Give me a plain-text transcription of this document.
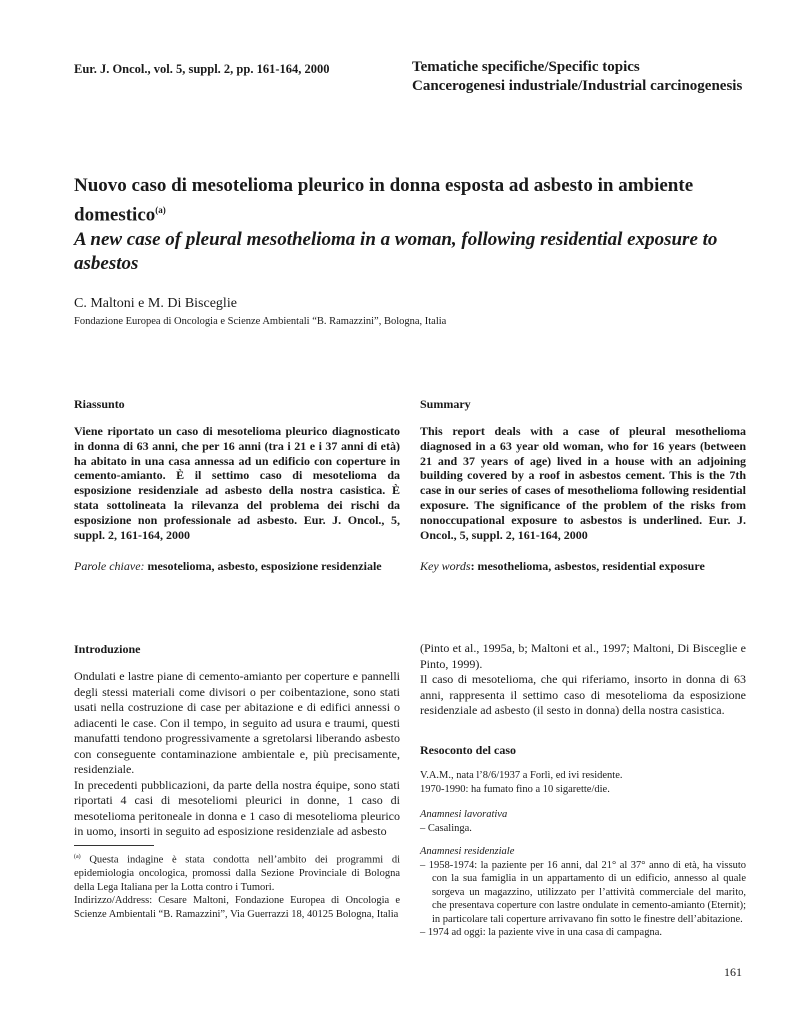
Eur. J. Oncol., vol. 5, suppl. 2, pp. 161-164, 2000	Tematiche specifiche/Specific topics
Cancerogenesi industriale/Industrial carcinogenesis
Nuovo caso di mesotelioma pleurico in donna esposta ad asbesto in ambiente domestico$^{(a)}$
A new case of pleural mesothelioma in a woman, following residential exposure to asbestos
C. Maltoni e M. Di Bisceglie
Fondazione Europea di Oncologia e Scienze Ambientali “B. Ramazzini”, Bologna, Italia
Riassunto
Viene riportato un caso di mesotelioma pleurico diagnosticato in donna di 63 anni, che per 16 anni (tra i 21 e i 37 anni di età) ha abitato in una casa annessa ad un edificio con coperture in cemento-amianto. È il settimo caso di mesotelioma da esposizione residenziale ad asbesto della nostra casistica. È stata sottolineata la rilevanza del problema dei rischi da esposizione non professionale ad asbesto. Eur. J. Oncol., 5, suppl. 2, 161-164, 2000
Parole chiave: mesotelioma, asbesto, esposizione residenziale
Summary
This report deals with a case of pleural mesothelioma diagnosed in a 63 year old woman, who for 16 years (between 21 and 37 years of age) lived in a house with an adjoining building covered by a roof in asbestos cement. This is the 7th case in our series of cases of mesothelioma following residential exposure. The significance of the problem of the risks from nonoccupational exposure to asbestos is underlined. Eur. J. Oncol., 5, suppl. 2, 161-164, 2000
Key words: mesothelioma, asbestos, residential exposure
Introduzione

Ondulati e lastre piane di cemento-amianto per coperture e pannelli degli stessi materiali come divisori o per coibentazione, sono stati usati nella costruzione di case per abitazione e di edifici annessi o adiacenti le case. Con il tempo, in seguito ad usura e traumi, questi manufatti tendono progressivamente a sgretolarsi liberando asbesto con conseguente contaminazione ambientale e, più precisamente, residenziale.

In precedenti pubblicazioni, da parte della nostra équipe, sono stati riportati 4 casi di mesoteliomi pleurici in donne, 1 caso di mesotelioma peritoneale in donna e 1 caso di mesotelioma pleurico in uomo, insorti in seguito ad esposizione residenziale ad asbesto

$^{(a)}$ Questa indagine è stata condotta nell’ambito dei programmi di epidemiologia oncologica, promossi dalla Sezione Provinciale di Bologna della Lega Italiana per la Lotta contro i Tumori.
Indirizzo/Address: Cesare Maltoni, Fondazione Europea di Oncologia e Scienze Ambientali “B. Ramazzini”, Via Guerrazzi 18, 40125 Bologna, Italia

(Pinto et al., 1995a, b; Maltoni et al., 1997; Maltoni, Di Bisceglie e Pinto, 1999).

Il caso di mesotelioma, che qui riferiamo, insorto in donna di 63 anni, rappresenta il settimo caso di mesotelioma da esposizione residenziale ad asbesto (il sesto in donna) della nostra casistica.

Resoconto del caso

V.A.M., nata l’8/6/1937 a Forlì, ed ivi residente.

1970-1990: ha fumato fino a 10 sigarette/die.

Anamnesi lavorativa

– Casalinga.

Anamnesi residenziale

– 1958-1974: la paziente per 16 anni, dal 21° al 37° anno di età, ha vissuto con la sua famiglia in un appartamento di un edificio, annesso al quale sorgeva un magazzino, utilizzato per l’attività commerciale del marito, che presentava coperture con lastre ondulate in cemento-amianto (Eternit); in particolare tali coperture arrivavano fin sotto le finestre dell’abitazione.
– 1974 ad oggi: la paziente vive in una casa di campagna.
161
